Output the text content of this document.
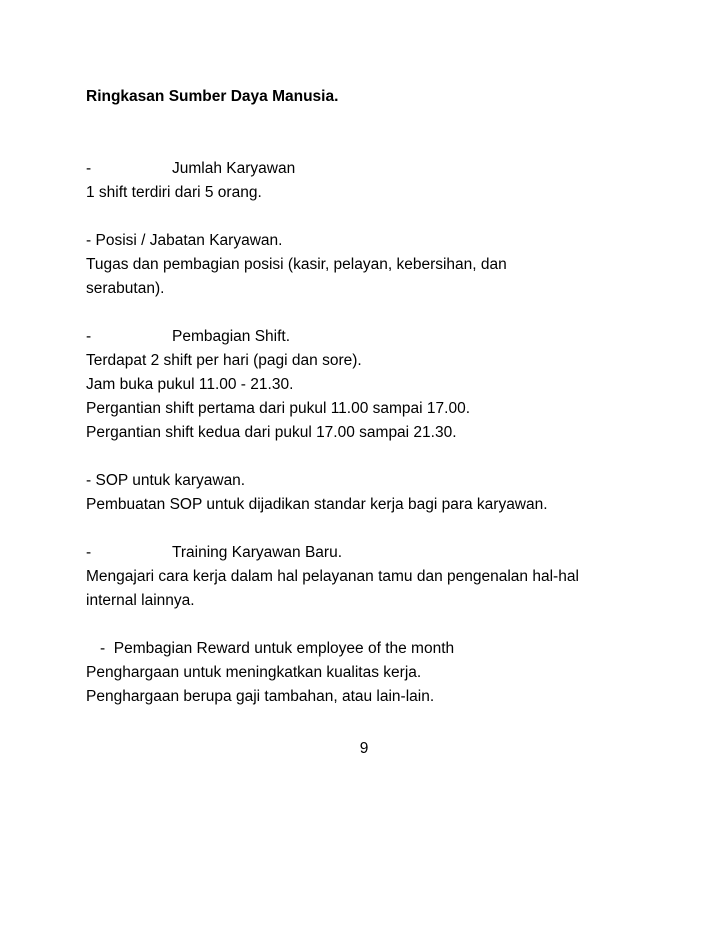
Ringkasan Sumber Daya Manusia.

-	Jumlah Karyawan

1 shift terdiri dari 5 orang.

-
Posisi / Jabatan Karyawan.

Tugas dan pembagian posisi (kasir, pelayan, kebersihan, dan

serabutan).

-	Pembagian Shift.

Terdapat 2 shift per hari (pagi dan sore).

Jam buka pukul 11.00 - 21.30.

Pergantian shift pertama dari pukul 11.00 sampai 17.00.

Pergantian shift kedua dari pukul 17.00 sampai 21.30.

-
SOP untuk karyawan.

Pembuatan SOP untuk dijadikan standar kerja bagi para karyawan.

-	Training Karyawan Baru.

Mengajari cara kerja dalam hal pelayanan tamu dan pengenalan hal-hal

internal lainnya.

-
Pembagian Reward untuk employee of the month

Penghargaan untuk meningkatkan kualitas kerja.

Penghargaan berupa gaji tambahan, atau lain-lain.

9
